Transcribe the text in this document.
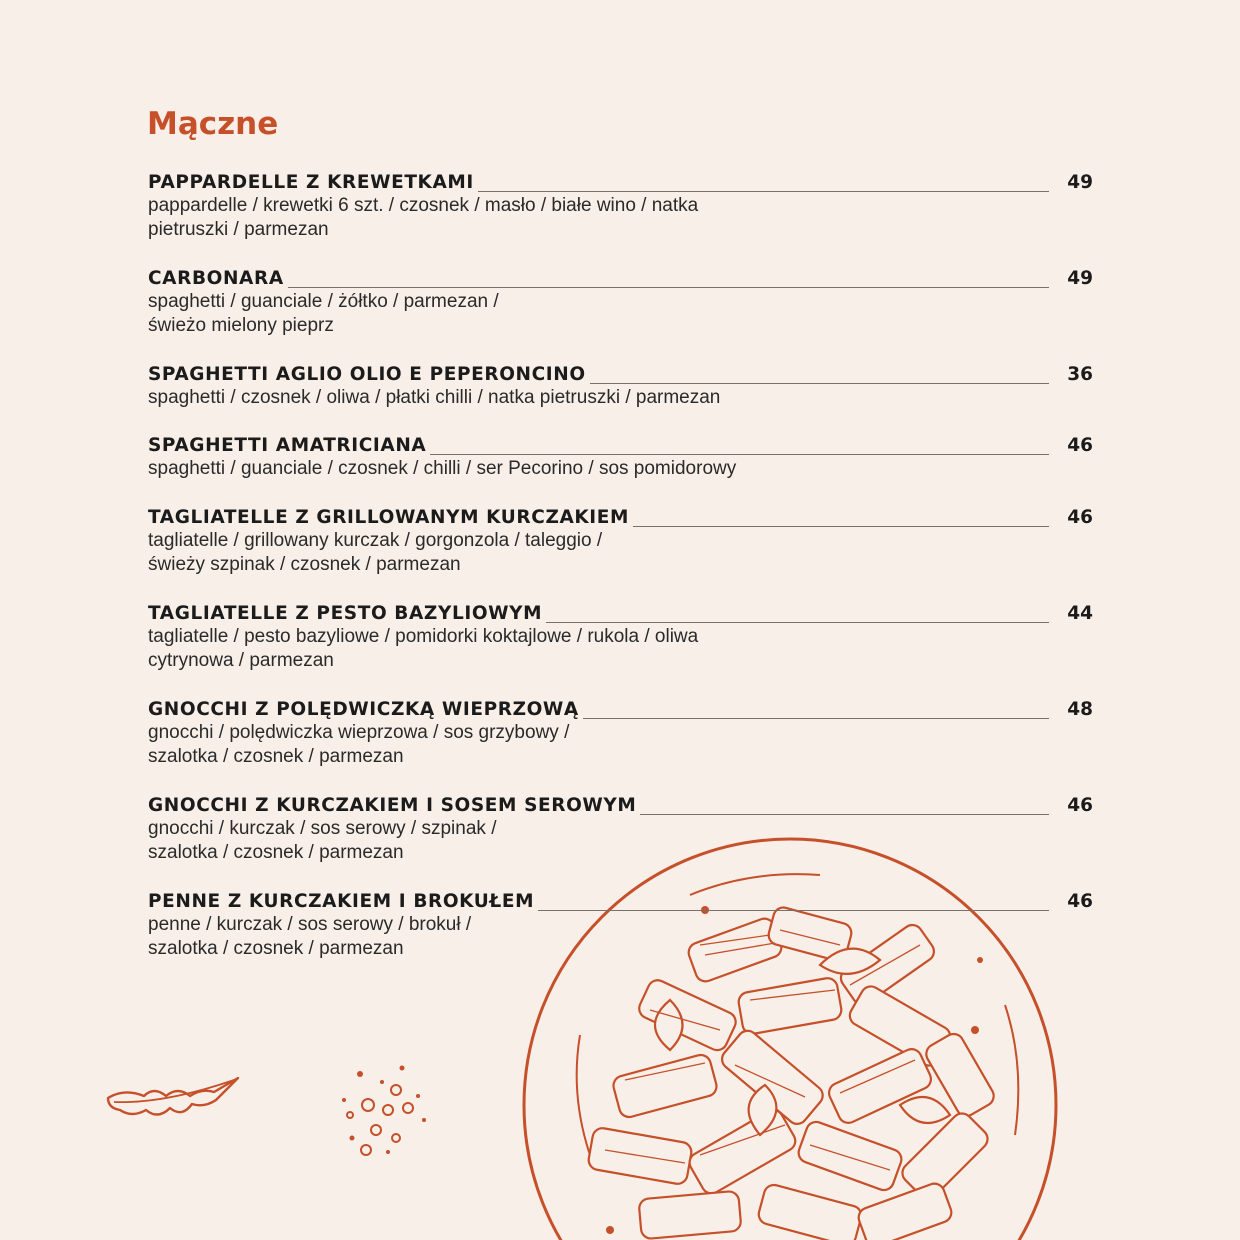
Mączne
PAPPARDELLE Z KREWETKAMI	49
pappardelle / krewetki 6 szt. / czosnek / masło / białe wino / natka pietruszki / parmezan
CARBONARA	49
spaghetti / guanciale / żółtko / parmezan / świeżo mielony pieprz
SPAGHETTI AGLIO OLIO E PEPERONCINO	36
spaghetti / czosnek / oliwa / płatki chilli / natka pietruszki / parmezan
SPAGHETTI AMATRICIANA	46
spaghetti / guanciale / czosnek / chilli / ser Pecorino / sos pomidorowy
TAGLIATELLE Z GRILLOWANYM KURCZAKIEM	46
tagliatelle / grillowany kurczak / gorgonzola / taleggio / świeży szpinak / czosnek / parmezan
TAGLIATELLE Z PESTO BAZYLIOWYM	44
tagliatelle / pesto bazyliowe / pomidorki koktajlowe / rukola / oliwa cytrynowa / parmezan
GNOCCHI Z POLĘDWICZKĄ WIEPRZOWĄ	48
gnocchi / polędwiczka wieprzowa / sos grzybowy / szalotka / czosnek / parmezan
GNOCCHI Z KURCZAKIEM I SOSEM SEROWYM	46
gnocchi / kurczak / sos serowy / szpinak / szalotka / czosnek / parmezan
PENNE Z KURCZAKIEM I BROKUŁEM	46
penne / kurczak / sos serowy / brokuł / szalotka / czosnek / parmezan
